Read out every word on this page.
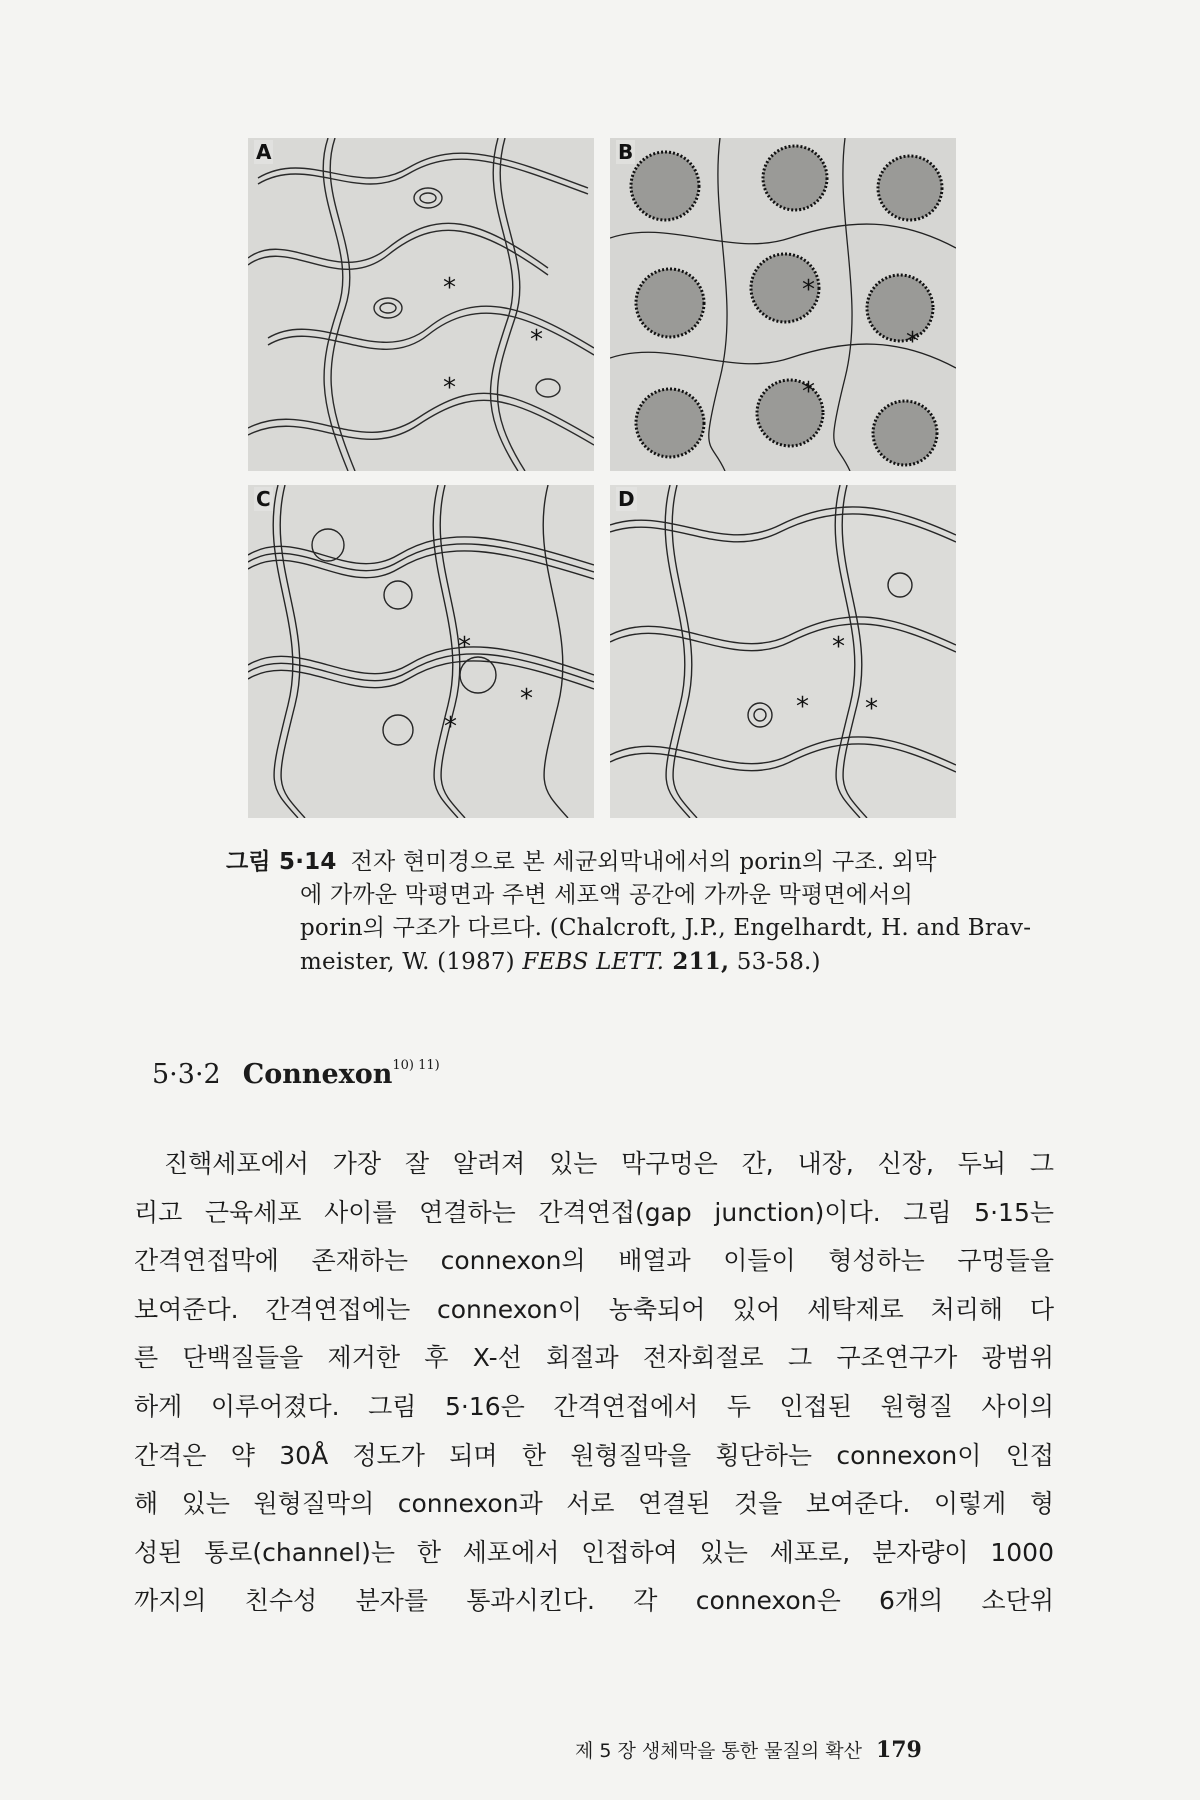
*
*
*
A
*
*
*
B
*
*
*
C
*
* *
D
그림 5·14 전자 현미경으로 본 세균외막내에서의 porin의 구조. 외막
에 가까운 막평면과 주변 세포액 공간에 가까운 막평면에서의
porin의 구조가 다르다. (Chalcroft, J.P., Engelhardt, H. and Brav-
meister, W. (1987) FEBS LETT. 211, 53-58.)
5·3·2 Connexon$^{10) 11)}$
진핵세포에서 가장 잘 알려져 있는 막구멍은 간, 내장, 신장, 두뇌 그
리고 근육세포 사이를 연결하는 간격연접(gap junction)이다. 그림 5·15는
간격연접막에 존재하는 connexon의 배열과 이들이 형성하는 구멍들을
보여준다. 간격연접에는 connexon이 농축되어 있어 세탁제로 처리해 다
른 단백질들을 제거한 후 X-선 회절과 전자회절로 그 구조연구가 광범위
하게 이루어졌다. 그림 5·16은 간격연접에서 두 인접된 원형질 사이의
간격은 약 30Å 정도가 되며 한 원형질막을 횡단하는 connexon이 인접
해 있는 원형질막의 connexon과 서로 연결된 것을 보여준다. 이렇게 형
성된 통로(channel)는 한 세포에서 인접하여 있는 세포로, 분자량이 1000
까지의 친수성 분자를 통과시킨다. 각 connexon은 6개의 소단위
제 5 장 생체막을 통한 물질의 확산 179
